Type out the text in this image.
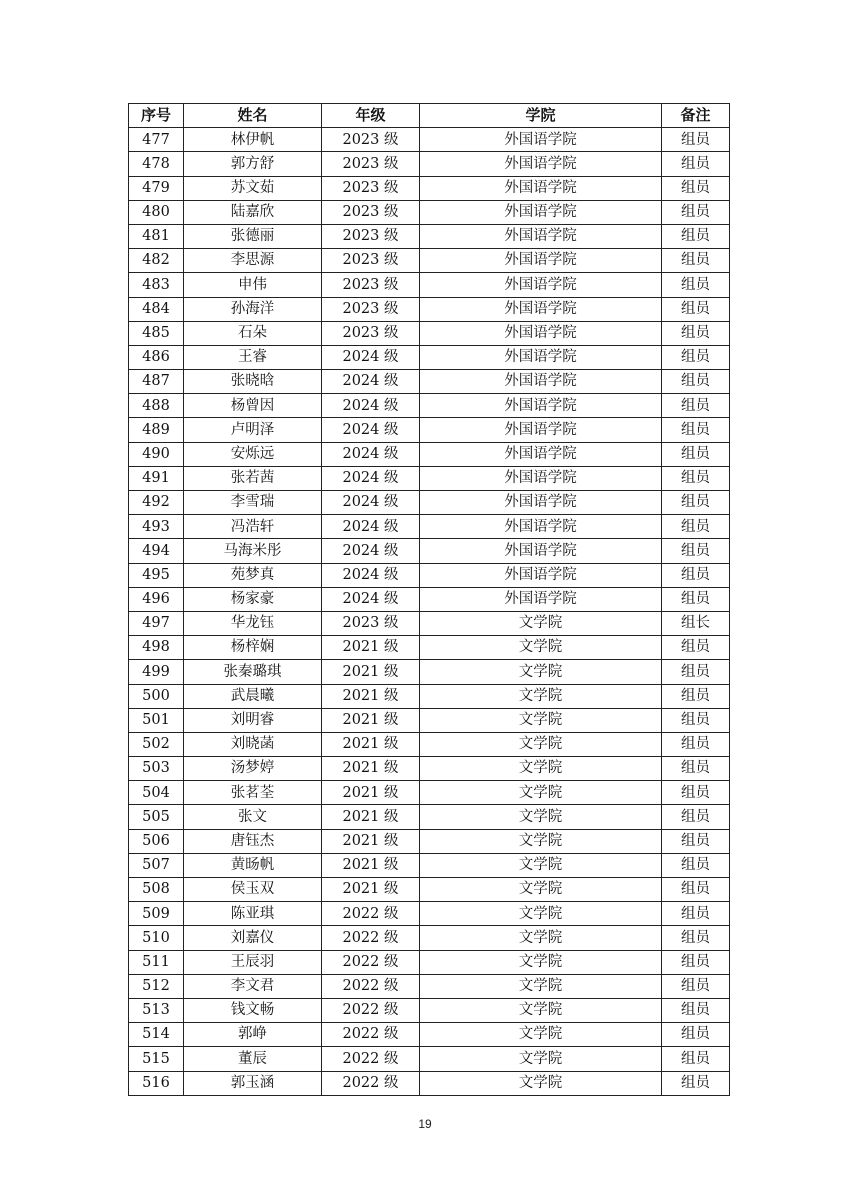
序号	姓名	年级	学院	备注
477	林伊帆	2023 级	外国语学院	组员
478	郭方舒	2023 级	外国语学院	组员
479	苏文茹	2023 级	外国语学院	组员
480	陆嘉欣	2023 级	外国语学院	组员
481	张德丽	2023 级	外国语学院	组员
482	李思源	2023 级	外国语学院	组员
483	申伟	2023 级	外国语学院	组员
484	孙海洋	2023 级	外国语学院	组员
485	石朵	2023 级	外国语学院	组员
486	王睿	2024 级	外国语学院	组员
487	张晓晗	2024 级	外国语学院	组员
488	杨曾因	2024 级	外国语学院	组员
489	卢明泽	2024 级	外国语学院	组员
490	安烁远	2024 级	外国语学院	组员
491	张若茜	2024 级	外国语学院	组员
492	李雪瑞	2024 级	外国语学院	组员
493	冯浩轩	2024 级	外国语学院	组员
494	马海米彤	2024 级	外国语学院	组员
495	苑梦真	2024 级	外国语学院	组员
496	杨家豪	2024 级	外国语学院	组员
497	华龙钰	2023 级	文学院	组长
498	杨梓娴	2021 级	文学院	组员
499	张秦璐琪	2021 级	文学院	组员
500	武晨曦	2021 级	文学院	组员
501	刘明睿	2021 级	文学院	组员
502	刘晓菡	2021 级	文学院	组员
503	汤梦婷	2021 级	文学院	组员
504	张茗荃	2021 级	文学院	组员
505	张文	2021 级	文学院	组员
506	唐钰杰	2021 级	文学院	组员
507	黄旸帆	2021 级	文学院	组员
508	侯玉双	2021 级	文学院	组员
509	陈亚琪	2022 级	文学院	组员
510	刘嘉仪	2022 级	文学院	组员
511	王辰羽	2022 级	文学院	组员
512	李文君	2022 级	文学院	组员
513	钱文畅	2022 级	文学院	组员
514	郭峥	2022 级	文学院	组员
515	董辰	2022 级	文学院	组员
516	郭玉涵	2022 级	文学院	组员
19
